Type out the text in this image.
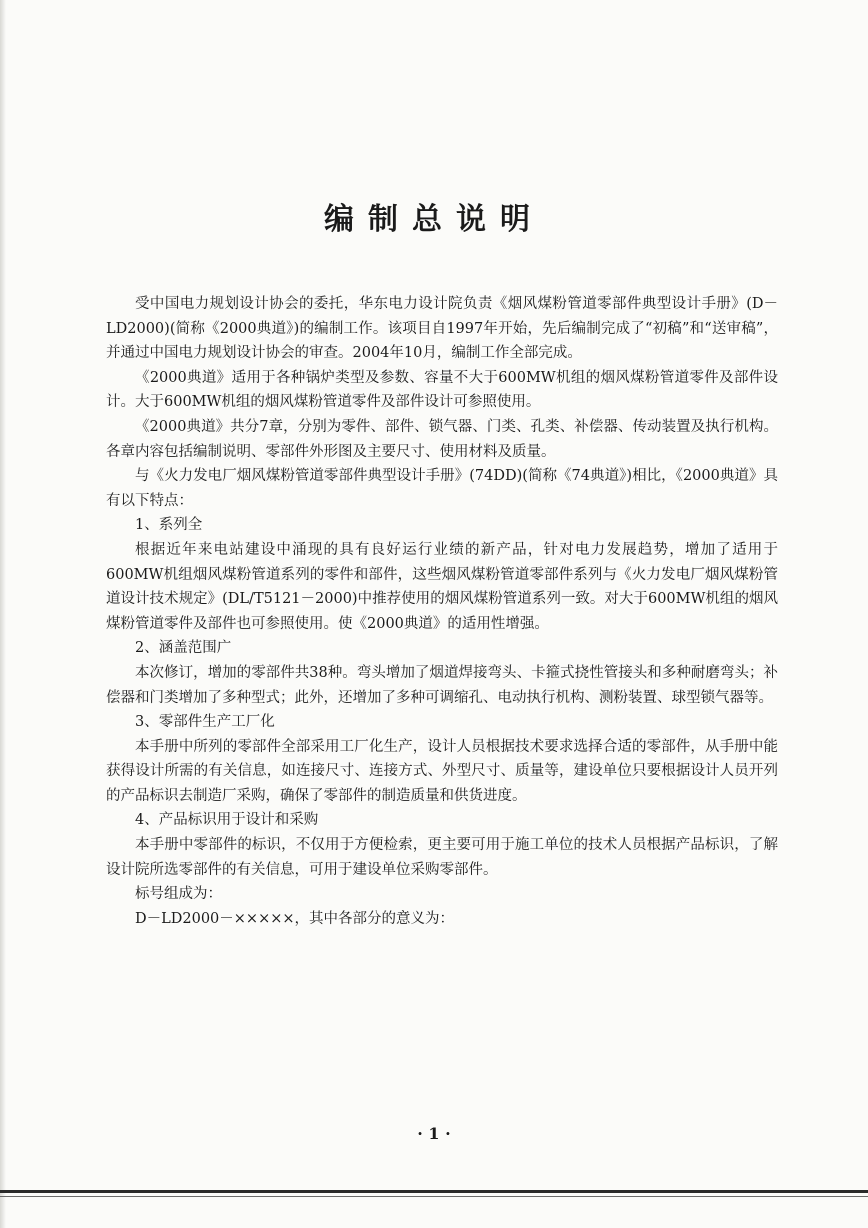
编制总说明

受中国电力规划设计协会的委托，华东电力设计院负责《烟风煤粉管道零部件典型设计手册》(D－LD2000)(简称《2000典道》)的编制工作。该项目自1997年开始，先后编制完成了“初稿”和“送审稿”，并通过中国电力规划设计协会的审查。2004年10月，编制工作全部完成。

《2000典道》适用于各种锅炉类型及参数、容量不大于600MW机组的烟风煤粉管道零件及部件设计。大于600MW机组的烟风煤粉管道零件及部件设计可参照使用。

《2000典道》共分7章，分别为零件、部件、锁气器、门类、孔类、补偿器、传动装置及执行机构。各章内容包括编制说明、零部件外形图及主要尺寸、使用材料及质量。

与《火力发电厂烟风煤粉管道零部件典型设计手册》(74DD)(简称《74典道》)相比，《2000典道》具有以下特点：

1、系列全

根据近年来电站建设中涌现的具有良好运行业绩的新产品，针对电力发展趋势，增加了适用于600MW机组烟风煤粉管道系列的零件和部件，这些烟风煤粉管道零部件系列与《火力发电厂烟风煤粉管道设计技术规定》(DL/T5121－2000)中推荐使用的烟风煤粉管道系列一致。对大于600MW机组的烟风煤粉管道零件及部件也可参照使用。使《2000典道》的适用性增强。

2、涵盖范围广

本次修订，增加的零部件共38种。弯头增加了烟道焊接弯头、卡箍式挠性管接头和多种耐磨弯头；补偿器和门类增加了多种型式；此外，还增加了多种可调缩孔、电动执行机构、测粉装置、球型锁气器等。

3、零部件生产工厂化

本手册中所列的零部件全部采用工厂化生产，设计人员根据技术要求选择合适的零部件，从手册中能获得设计所需的有关信息，如连接尺寸、连接方式、外型尺寸、质量等，建设单位只要根据设计人员开列的产品标识去制造厂采购，确保了零部件的制造质量和供货进度。

4、产品标识用于设计和采购

本手册中零部件的标识，不仅用于方便检索，更主要可用于施工单位的技术人员根据产品标识，了解设计院所选零部件的有关信息，可用于建设单位采购零部件。

标号组成为：

D－LD2000－×××××，其中各部分的意义为：

· 1 ·
